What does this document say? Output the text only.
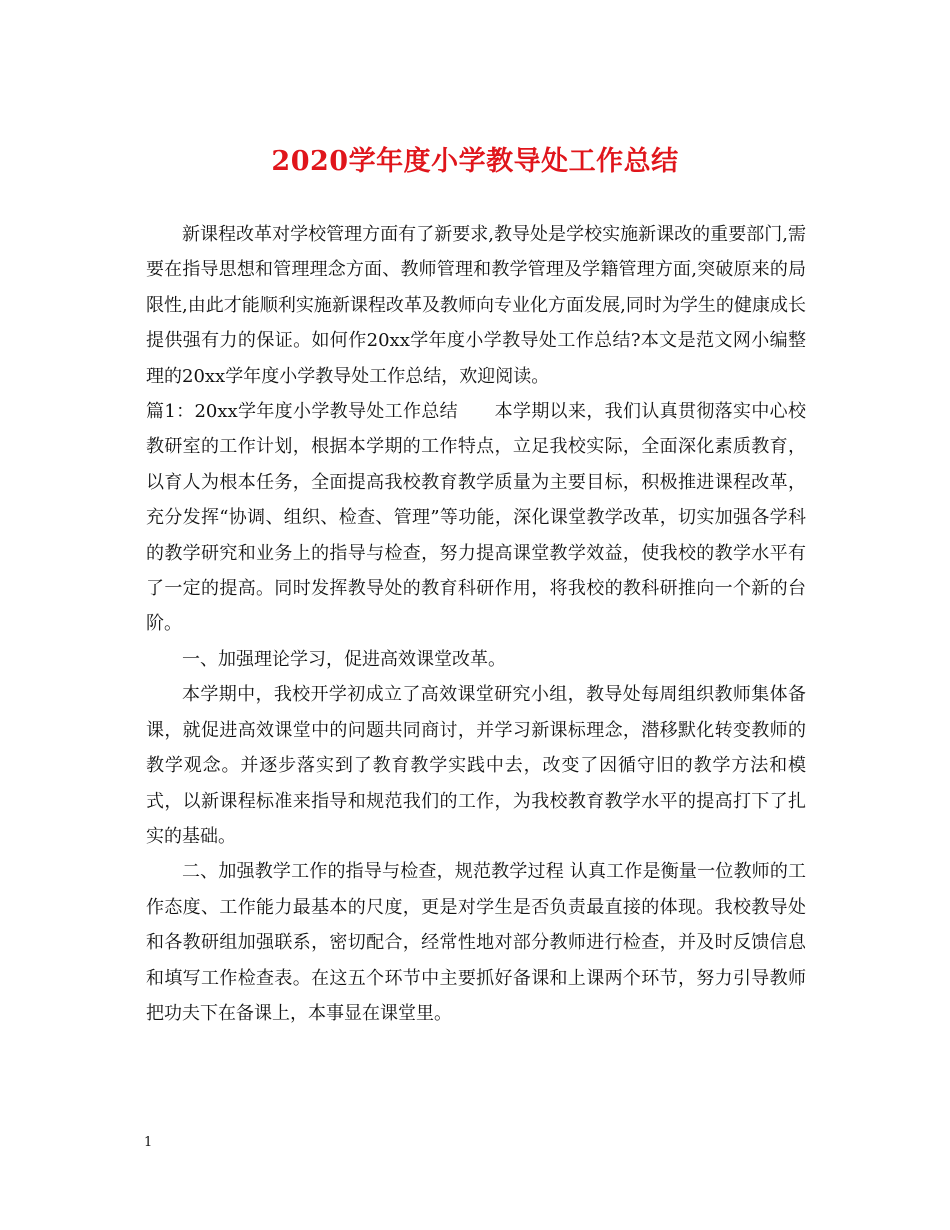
2020学年度小学教导处工作总结

新课程改革对学校管理方面有了新要求,教导处是学校实施新课改的重要部门,需要在指导思想和管理理念方面、教师管理和教学管理及学籍管理方面,突破原来的局限性,由此才能顺利实施新课程改革及教师向专业化方面发展,同时为学生的健康成长提供强有力的保证。如何作20xx学年度小学教导处工作总结?本文是范文网小编整理的20xx学年度小学教导处工作总结，欢迎阅读。

篇1：20xx学年度小学教导处工作总结　　本学期以来，我们认真贯彻落实中心校教研室的工作计划，根据本学期的工作特点，立足我校实际，全面深化素质教育，以育人为根本任务，全面提高我校教育教学质量为主要目标，积极推进课程改革，充分发挥“协调、组织、检查、管理”等功能，深化课堂教学改革，切实加强各学科的教学研究和业务上的指导与检查，努力提高课堂教学效益，使我校的教学水平有了一定的提高。同时发挥教导处的教育科研作用，将我校的教科研推向一个新的台阶。

一、加强理论学习，促进高效课堂改革。

本学期中，我校开学初成立了高效课堂研究小组，教导处每周组织教师集体备课，就促进高效课堂中的问题共同商讨，并学习新课标理念，潜移默化转变教师的教学观念。并逐步落实到了教育教学实践中去，改变了因循守旧的教学方法和模式，以新课程标准来指导和规范我们的工作，为我校教育教学水平的提高打下了扎实的基础。

二、加强教学工作的指导与检查，规范教学过程 认真工作是衡量一位教师的工作态度、工作能力最基本的尺度，更是对学生是否负责最直接的体现。我校教导处和各教研组加强联系，密切配合，经常性地对部分教师进行检查，并及时反馈信息和填写工作检查表。在这五个环节中主要抓好备课和上课两个环节，努力引导教师把功夫下在备课上，本事显在课堂里。

1
